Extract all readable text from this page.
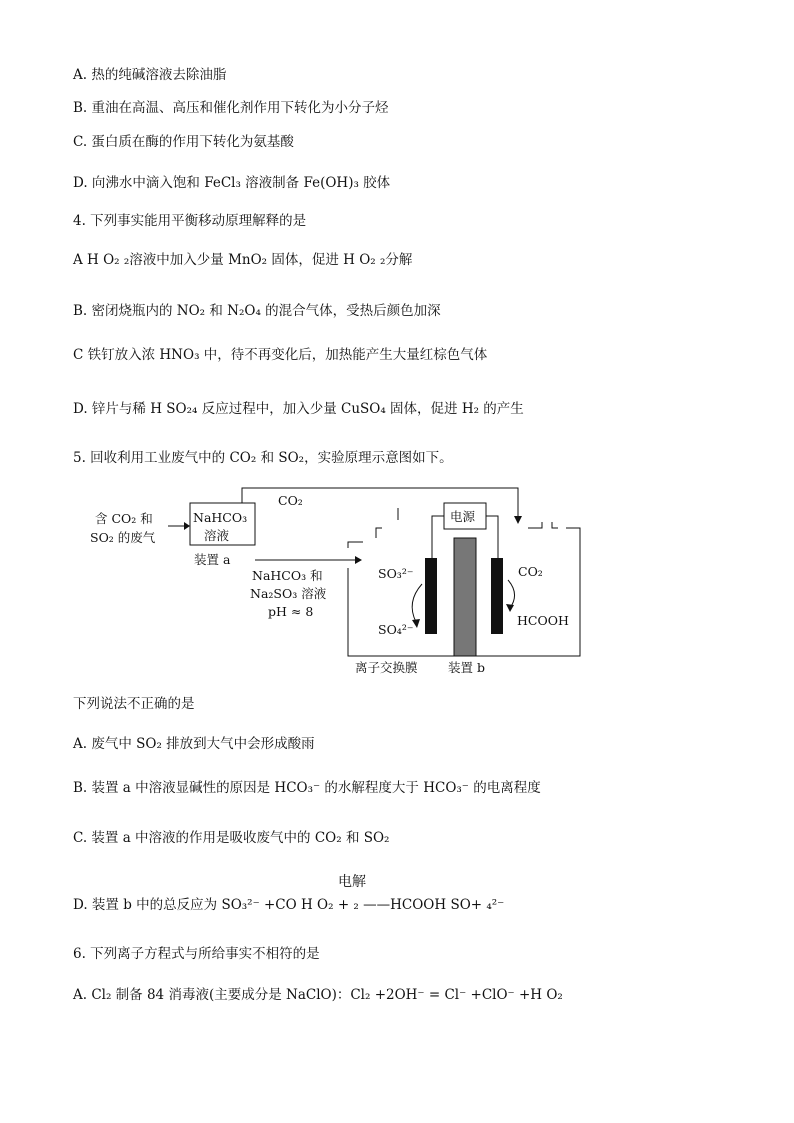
A. 热的纯碱溶液去除油脂
B. 重油在高温、高压和催化剂作用下转化为小分子烃
C. 蛋白质在酶的作用下转化为氨基酸
D. 向沸水中滴入饱和 FeCl₃ 溶液制备 Fe(OH)₃ 胶体
4. 下列事实能用平衡移动原理解释的是
A H O₂ ₂溶液中加入少量 MnO₂ 固体，促进 H O₂ ₂分解
B. 密闭烧瓶内的 NO₂ 和 N₂O₄ 的混合气体，受热后颜色加深
C 铁钉放入浓 HNO₃ 中，待不再变化后，加热能产生大量红棕色气体
D. 锌片与稀 H SO₂₄ 反应过程中，加入少量 CuSO₄ 固体，促进 H₂ 的产生
5. 回收利用工业废气中的 CO₂ 和 SO₂，实验原理示意图如下。
含 CO₂ 和
SO₂ 的废气
NaHCO₃
溶液
装置 a
CO₂
电源
NaHCO₃ 和
Na₂SO₃ 溶液
pH ≈ 8
SO₃²⁻
SO₄²⁻
CO₂
HCOOH
离子交换膜 装置 b
下列说法不正确的是
A. 废气中 SO₂ 排放到大气中会形成酸雨
B. 装置 a 中溶液显碱性的原因是 HCO₃⁻ 的水解程度大于 HCO₃⁻ 的电离程度
C. 装置 a 中溶液的作用是吸收废气中的 CO₂ 和 SO₂
电解
D. 装置 b 中的总反应为 SO₃²⁻ +CO H O₂ + ₂ ——HCOOH SO+ ₄²⁻
6. 下列离子方程式与所给事实不相符的是
A. Cl₂ 制备 84 消毒液(主要成分是 NaClO)：Cl₂ +2OH⁻ = Cl⁻ +ClO⁻ +H O₂
